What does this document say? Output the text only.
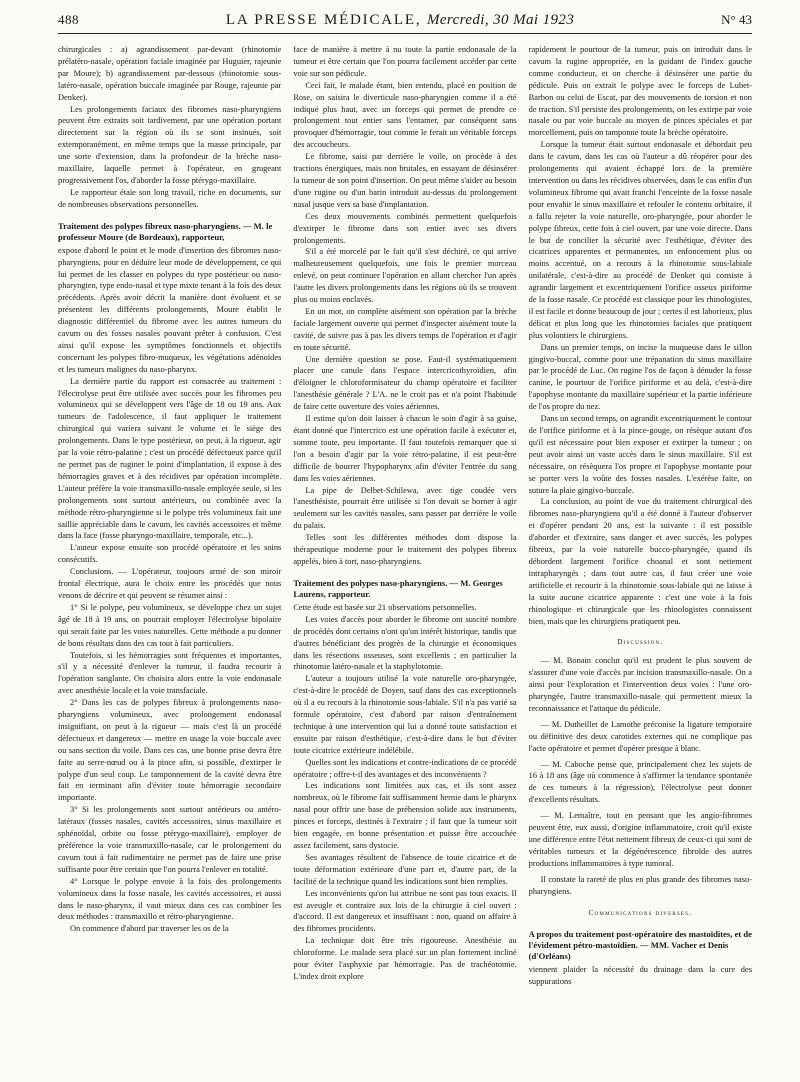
488	LA PRESSE MÉDICALE, Mercredi, 30 Mai 1923	N° 43

chirurgicales : a) agrandissement par-devant (rhinotomie prélatéro-nasale, opération faciale imaginée par Huguier, rajeunie par Moure); b) agrandissement par-dessous (rhinotomie sous-latéro-nasale, opération buccale imaginée par Rouge, rajeunie par Denker).

Les prolongements faciaux des fibromes naso-pharyngiens peuvent être extraits soit tardivement, par une opération portant directement sur la région où ils se sont insinués, soit extemporanément, en même temps que la masse principale, par une sorte d'extension, dans la profondeur de la brèche naso-maxillaire, laquelle permet à l'opérateur, en grugeant progressivement l'os, d'aborder la fosse ptérygo-maxillaire.

Le rapporteur étaie son long travail, riche en documents, sur de nombreuses observations personnelles.

Traitement des polypes fibreux naso-pharyngiens. — M. le professeur Moure (de Bordeaux), rapporteur,

expose d'abord le point et le mode d'insertion des fibromes naso-pharyngiens, pour en déduire leur mode de développement, ce qui lui permet de les classer en polypes du type postérieur ou naso-pharyngien, type endo-nasal et type mixte tenant à la fois des deux précédents. Après avoir décrit la manière dont évoluent et se présentent les différents prolongements, Moure établit le diagnostic différentiel du fibrome avec les autres tumeurs du cavum ou des fosses nasales pouvant prêter à confusion. C'est ainsi qu'il expose les symptômes fonctionnels et objectifs concernant les polypes fibro-muqueux, les végétations adénoïdes et les tumeurs malignes du naso-pharynx.

La dernière partie du rapport est consacrée au traitement : l'électrolyse peut être utilisée avec succès pour les fibromes peu volumineux qui se développent vers l'âge de 18 ou 19 ans. Aux tumeurs de l'adolescence, il faut appliquer le traitement chirurgical qui variera suivant le volume et le siège des prolongements. Dans le type postérieur, on peut, à la rigueur, agir par la voie rétro-palatine ; c'est un procédé défectueux parce qu'il ne permet pas de ruginer le point d'implantation, il expose à des hémorragies graves et à des récidives par opération incomplète. L'auteur préfère la voie transmaxillo-nasale employée seule, si les prolongements sont surtout antérieurs, ou combinée avec la méthode rétro-pharyngienne si le polype très volumineux fait une saillie appréciable dans le cavum, les cavités accessoires et même dans la face (fosse pharyngo-maxillaire, temporale, etc...).

L'auteur expose ensuite son procédé opératoire et les soins consécutifs.

Conclusions. — L'opérateur, toujours armé de son miroir frontal électrique, aura le choix entre les procédés que nous venons de décrire et qui peuvent se résumer ainsi :

1° Si le polype, peu volumineux, se développe chez un sujet âgé de 18 à 19 ans, on pourrait employer l'électrolyse bipolaire qui serait faite par les voies naturelles. Cette méthode a pu donner de bons résultats dans des cas tout à fait particuliers.

Toutefois, si les hémorragies sont fréquentes et importantes, s'il y a nécessité d'enlever la tumeur, il faudra recourir à l'opération sanglante. On choisira alors entre la voie endonasale avec anesthésie locale et la voie transfaciale.

2° Dans les cas de polypes fibreux à prolongements naso-pharyngiens volumineux, avec prolongement endonasal insignifiant, on peut à la rigueur — mais c'est là un procédé défectueux et dangereux — mettre en usage la voie buccale avec ou sans section du voile. Dans ces cas, une bonne prise devra être faite au serre-nœud ou à la pince afin, si possible, d'extirper le polype d'un seul coup. Le tamponnement de la cavité devra être fait en terminant afin d'éviter toute hémorragie secondaire importante.

3° Si les prolongements sont surtout antérieurs ou antéro-latéraux (fosses nasales, cavités accessoires, sinus maxillaire et sphénoïdal, orbite ou fosse ptérygo-maxillaire), employer de préférence la voie transmaxillo-nasale, car le prolongement du cavum tout à fait rudimentaire ne permet pas de faire une prise suffisante pour être certain que l'on pourra l'enlever en totalité.

4° Lorsque le polype envoie à la fois des prolongements volumineux dans la fosse nasale, les cavités accessoires, et aussi dans le naso-pharynx, il vaut mieux dans ces cas combiner les deux méthodes : transmaxillo et rétro-pharyngienne.

On commence d'abord par traverser les os de la

face de manière à mettre à nu toute la partie endonasale de la tumeur et être certain que l'on pourra facilement accéder par cette voie sur son pédicule.

Ceci fait, le malade étant, bien entendu, placé en position de Rose, on saisira le diverticule naso-pharyngien comme il a été indiqué plus haut, avec un forceps qui permet de prendre ce prolongement tout entier sans l'entamer, par conséquent sans provoquer d'hémorragie, tout comme le ferait un véritable forceps des accoucheurs.

Le fibrome, saisi par derrière le voile, on procède à des tractions énergiques, mais non brutales, en essayant de désinsérer la tumeur de son point d'insertion. On peut même s'aider au besoin d'une rugine ou d'un barin introduit au-dessus du prolongement nasal jusque vers sa base d'implantation.

Ces deux mouvements combinés permettent quelquefois d'extirper le fibrome dans son entier avec ses divers prolongements.

S'il a été morcelé par le fait qu'il s'est déchiré, ce qui arrive malheureusement quelquefois, une fois le premier morceau enlevé, on peut continuer l'opération en allant chercher l'un après l'autre les divers prolongements dans les régions où ils se trouvent plus ou moins enclavés.

En un mot, on complète aisément son opération par la brèche faciale largement ouverte qui permet d'inspecter aisément toute la cavité, de suivre pas à pas les divers temps de l'opération et d'agir en toute sécurité.

Une dernière question se pose. Faut-il systématiquement placer une canule dans l'espace intercricothyroïdien, afin d'éloigner le chloroformisateur du champ opératoire et faciliter l'anesthésie générale ? L'A. ne le croit pas et n'a point l'habitude de faire cette ouverture des voies aériennes.

Il estime qu'on doit laisser à chacun le soin d'agir à sa guise, étant donné que l'intercrico est une opération facile à exécuter et, somme toute, peu importante. Il faut toutefois remarquer que si l'on a besoin d'agir par la voie rétro-palatine, il est peut-être difficile de bourrer l'hypopharynx afin d'éviter l'entrée du sang dans les voies aériennes.

La pipe de Delbet-Schilewa, avec tige coudée vers l'anesthésiste, pourrait être utilisée si l'on devait se borner à agir seulement sur les cavités nasales, sans passer par derrière le voile du palais.

Telles sont les différentes méthodes dont dispose la thérapeutique moderne pour le traitement des polypes fibreux appelés, bien à tort, naso-pharyngiens.

Traitement des polypes naso-pharyngiens. — M. Georges Laurens, rapporteur.

Cette étude est basée sur 21 observations personnelles.

Les voies d'accès pour aborder le fibrome ont suscité nombre de procédés dont certains n'ont qu'un intérêt historique, tandis que d'autres bénéficiant des progrès de la chirurgie et économiques dans les résections osseuses, sont excellents ; en particulier la rhinotomie latéro-nasale et la staphylotomie.

L'auteur a toujours utilisé la voie naturelle oro-pharyngée, c'est-à-dire le procédé de Doyen, sauf dans des cas exceptionnels où il a eu recours à la rhinotomie sous-labiale. S'il n'a pas varié sa formule opératoire, c'est d'abord par raison d'entraînement technique à une intervention qui lui a donné toute satisfaction et ensuite par raison d'esthétique, c'est-à-dire dans le but d'éviter toute cicatrice extérieure indélébile.

Quelles sont les indications et contre-indications de ce procédé opératoire ; offre-t-il des avantages et des inconvénients ?

Les indications sont limitées aux cas, et ils sont assez nombreux, où le fibrome fait suffisamment hernie dans le pharynx nasal pour offrir une base de préhension solide aux instruments, pinces et forceps, destinés à l'extraire ; il faut que la tumeur soit bien engagée, en bonne présentation et puisse être accouchée assez facilement, sans dystocie.

Ses avantages résultent de l'absence de toute cicatrice et de toute déformation extérieure d'une part et, d'autre part, de la facilité de la technique quand les indications sont bien remplies.

Les inconvénients qu'on lui attribue ne sont pas tous exacts. Il est aveugle et contraire aux lois de la chirurgie à ciel ouvert : d'accord. Il est dangereux et insuffisant : non, quand on affaire à des fibromes procidents.

La technique doit être très rigoureuse. Anesthésie au chloroforme. Le malade sera placé sur un plan fortement incliné pour éviter l'asphyxie par hémorragie. Pas de trachéotomie. L'index droit explore

rapidement le pourtour de la tumeur, puis on introduit dans le cavum la rugine appropriée, en la guidant de l'index gauche comme conducteur, et on cherche à désinsérer une partie du pédicule. Puis on extrait le polype avec le forceps de Lubet-Barbon ou celui de Escat, par des mouvements de torsion et non de traction. S'il persiste des prolongements, on les extirpe par voie nasale ou par voie buccale au moyen de pinces spéciales et par morcellement, puis on tamponne toute la brèche opératoire.

Lorsque la tumeur était surtout endonasale et débordait peu dans le cavum, dans les cas où l'auteur a dû réopérer pour des prolongements qui avaient échappé lors de la première intervention ou dans les récidives observées, dans le cas enfin d'un volumineux fibrome qui avait franchi l'enceinte de la fosse nasale pour envahir le sinus maxillaire et refouler le contenu orbitaire, il a fallu rejeter la voie naturelle, oro-pharyngée, pour aborder le polype fibreux, cette fois à ciel ouvert, par une voie directe. Dans le but de concilier la sécurité avec l'esthétique, d'éviter des cicatrices apparentes et permanentes, un enfoncement plus ou moins accentué, on a recours à la rhinotomie sous-labiale unilatérale, c'est-à-dire au procédé de Denker qui consiste à agrandir largement et excentriquement l'orifice osseux piriforme de la fosse nasale. Ce procédé est classique pour les rhinologistes, il est facile et donne beaucoup de jour ; certes il est laborieux, plus délicat et plus long que les rhinotomies faciales que pratiquent plus volontiers le chirurgiens.

Dans un premier temps, on incise la muqueuse dans le sillon gingivo-buccal, comme pour une trépanation du sinus maxillaire par le procédé de Luc. On rugine l'os de façon à dénuder la fosse canine, le pourtour de l'orifice piriforme et au delà, c'est-à-dire l'apophyse montante du maxillaire supérieur et la partie inférieure de l'os propre du nez.

Dans un second temps, on agrandit excentriquement le contour de l'orifice piriforme et à la pince-gouge, on résèque autant d'os qu'il est nécessaire pour bien exposer et extirper la tumeur ; on peut avoir ainsi un vaste accès dans le sinus maxillaire. S'il est nécessaire, on résèquera l'os propre et l'apophyse montante pour se porter vers la voûte des fosses nasales. L'exérèse faite, on suture la plaie gingivo-buccale.

La conclusion, au point de vue du traitement chirurgical des fibromes naso-pharyngiens qu'il a été donné à l'auteur d'observer et d'opérer pendant 20 ans, est la suivante : il est possible d'aborder et d'extraire, sans danger et avec succès, les polypes fibreux, par la voie naturelle bucco-pharyngée, quand ils débordent largement l'orifice choanal et sont nettement intrapharyngés ; dans tout autre cas, il faut créer une voie artificielle et recourir à la rhinotomie sous-labiale qui ne laisse à la suite aucune cicatrice apparente : c'est une voie à la fois rhinologique et chirurgicale que les rhinologistes connaissent bien, mais que les chirurgiens pratiquent peu.

Discussion.

— M. Bonain conclut qu'il est prudent le plus souvent de s'assurer d'une voie d'accès par incision transmaxillo-nasale. On a ainsi pour l'exploration et l'intervention deux voies : l'une oro-pharyngée, l'autre transmaxillo-nasale qui permettent mieux la reconnaissance et l'attaque du pédicule.

— M. Dutheillet de Lamothe préconise la ligature temporaire ou définitive des deux carotides externes qui ne complique pas l'acte opératoire et permet d'opérer presque à blanc.

— M. Caboche pense que, principalement chez les sujets de 16 à 18 ans (âge où commence à s'affirmer la tendance spontanée de ces tumeurs à la régression), l'électrolyse peut donner d'excellents résultats.

— M. Lemaître, tout en pensant que les angio-fibromes peuvent être, eux aussi, d'origine inflammatoire, croit qu'il existe une différence entre l'état nettement fibreux de ceux-ci qui sont de véritables tumeurs et la dégénérescence fibroïde des autres productions inflammatoires à type tumoral.

Il constate la rareté de plus en plus grande des fibromes naso-pharyngiens.

Communications diverses.
A propos du traitement post-opératoire des mastoïdites, et de l'évidement pétro-mastoïdien. — MM. Vacher et Denis (d'Orléans)

viennent plaider la nécessité du drainage dans la cure des suppurations
